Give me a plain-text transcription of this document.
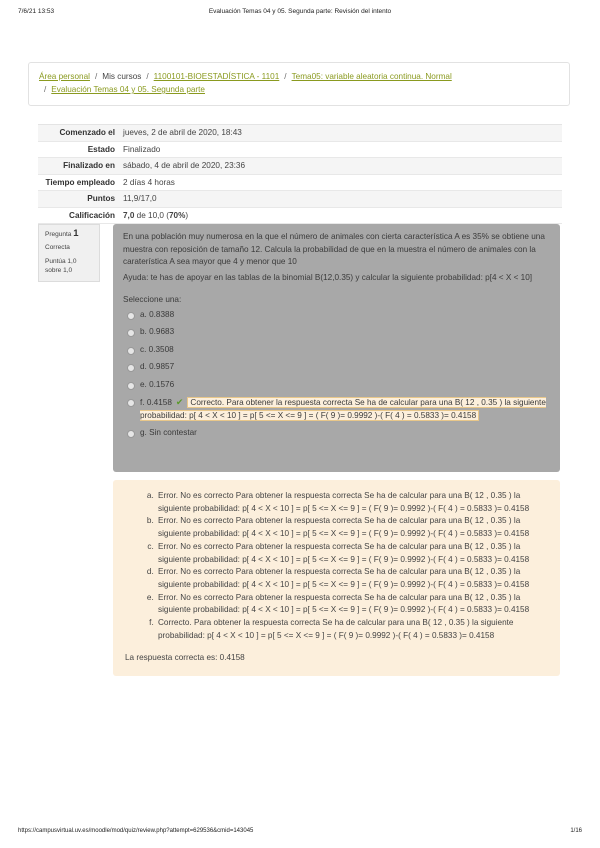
7/6/21 13:53	Evaluación Temas 04 y 05. Segunda parte: Revisión del intento
Área personal / Mis cursos / 1100101-BIOESTADÍSTICA - 1101 / Tema05: variable aleatoria continua. Normal
/ Evaluación Temas 04 y 05. Segunda parte
Comenzado el jueves, 2 de abril de 2020, 18:43
Estado Finalizado
Finalizado en sábado, 4 de abril de 2020, 23:36
Tiempo empleado 2 días 4 horas
Puntos 11,9/17,0
Calificación 7,0 de 10,0 (70%)
Pregunta 1
Correcta
Puntúa 1,0
sobre 1,0

En una población muy numerosa en la que el número de animales con cierta característica A es 35% se obtiene una muestra con reposición de tamaño 12. Calcula la probabilidad de que en la muestra el número de animales con la caraterística A sea mayor que 4 y menor que 10

Ayuda: te has de apoyar en las tablas de la binomial B(12,0.35) y calcular la siguiente probabilidad: p[4 < X < 10]

Seleccione una:

a. 0.8388
b. 0.9683
c. 0.3508
d. 0.9857
e. 0.1576
f. 0.4158 ✔ Correcto. Para obtener la respuesta correcta Se ha de calcular para una B( 12 , 0.35 ) la siguiente probabilidad: p[ 4 < X < 10 ] = p[ 5 <= X <= 9 ] = ( F( 9 )= 0.9992 )-( F( 4 ) = 0.5833 )= 0.4158
g. Sin contestar
a. Error. No es correcto Para obtener la respuesta correcta Se ha de calcular para una B( 12 , 0.35 ) la siguiente probabilidad: p[ 4 < X < 10 ] = p[ 5 <= X <= 9 ] = ( F( 9 )= 0.9992 )-( F( 4 ) = 0.5833 )= 0.4158
b. Error. No es correcto Para obtener la respuesta correcta Se ha de calcular para una B( 12 , 0.35 ) la siguiente probabilidad: p[ 4 < X < 10 ] = p[ 5 <= X <= 9 ] = ( F( 9 )= 0.9992 )-( F( 4 ) = 0.5833 )= 0.4158
c. Error. No es correcto Para obtener la respuesta correcta Se ha de calcular para una B( 12 , 0.35 ) la siguiente probabilidad: p[ 4 < X < 10 ] = p[ 5 <= X <= 9 ] = ( F( 9 )= 0.9992 )-( F( 4 ) = 0.5833 )= 0.4158
d. Error. No es correcto Para obtener la respuesta correcta Se ha de calcular para una B( 12 , 0.35 ) la siguiente probabilidad: p[ 4 < X < 10 ] = p[ 5 <= X <= 9 ] = ( F( 9 )= 0.9992 )-( F( 4 ) = 0.5833 )= 0.4158
e. Error. No es correcto Para obtener la respuesta correcta Se ha de calcular para una B( 12 , 0.35 ) la siguiente probabilidad: p[ 4 < X < 10 ] = p[ 5 <= X <= 9 ] = ( F( 9 )= 0.9992 )-( F( 4 ) = 0.5833 )= 0.4158
f. Correcto. Para obtener la respuesta correcta Se ha de calcular para una B( 12 , 0.35 ) la siguiente probabilidad: p[ 4 < X < 10 ] = p[ 5 <= X <= 9 ] = ( F( 9 )= 0.9992 )-( F( 4 ) = 0.5833 )= 0.4158
La respuesta correcta es: 0.4158
https://campusvirtual.uv.es/moodle/mod/quiz/review.php?attempt=629536&cmid=143045	1/16
